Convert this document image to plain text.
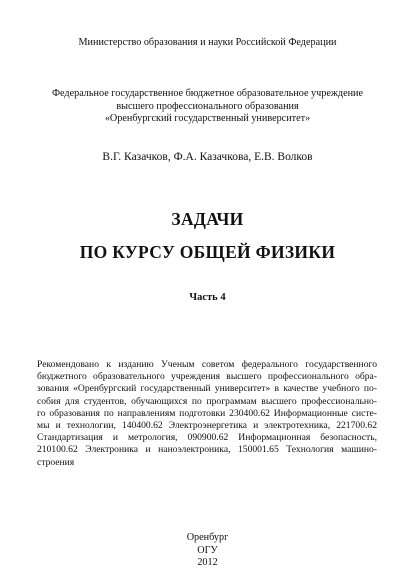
Министерство образования и науки Российской Федерации
Федеральное государственное бюджетное образовательное учреждение
высшего профессионального образования
«Оренбургский государственный университет»
В.Г. Казачков, Ф.А. Казачкова, Е.В. Волков
ЗАДАЧИ
ПО КУРСУ ОБЩЕЙ ФИЗИКИ
Часть 4
Рекомендовано к изданию Ученым советом федерального государственного
бюджетного образовательного учреждения высшего профессионального обра-
зования «Оренбургский государственный университет» в качестве учебного по-
собия для студентов, обучающихся по программам высшего профессионально-
го образования по направлениям подготовки 230400.62 Информационные систе-
мы и технологии, 140400.62 Электроэнергетика и электротехника, 221700.62
Стандартизация и метрология, 090900.62 Информационная безопасность,
210100.62 Электроника и наноэлектроника, 150001.65 Технология машино-
строения
Оренбург
ОГУ
2012
